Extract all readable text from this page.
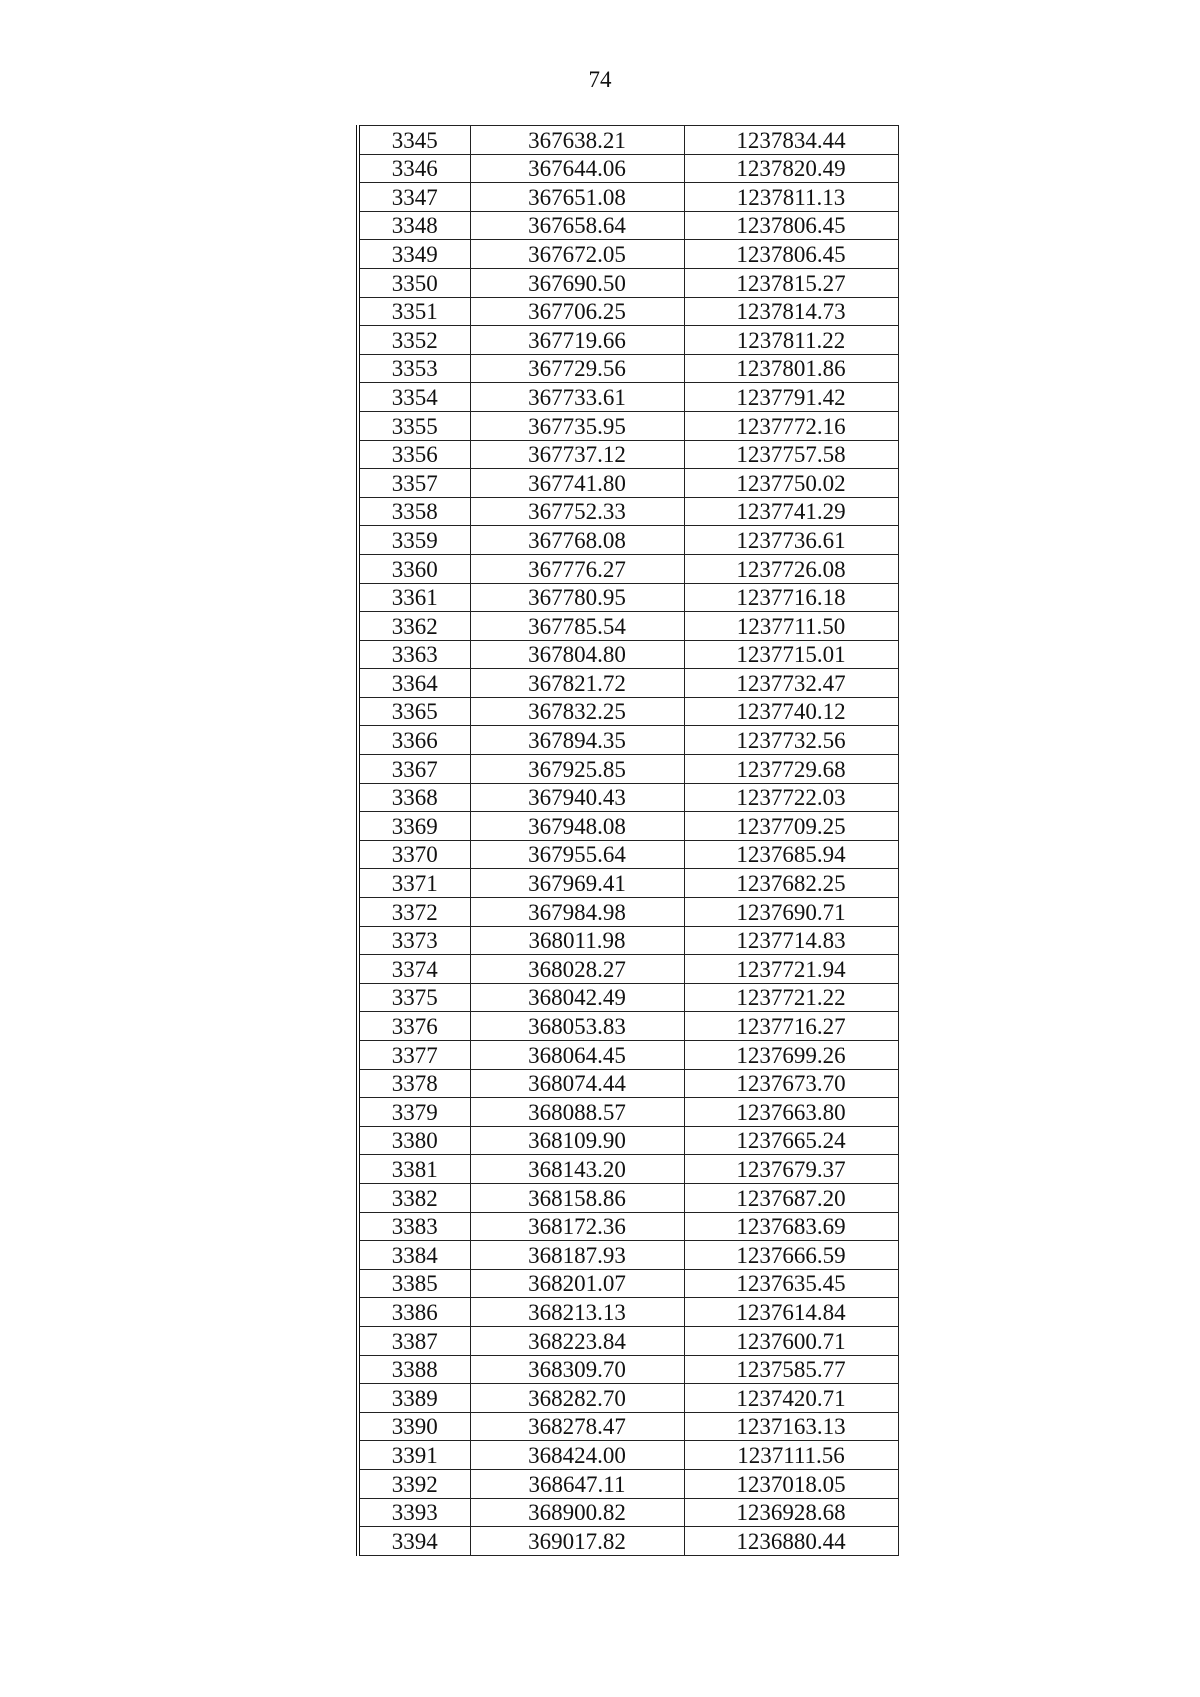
74
3345	367638.21	1237834.44
3346	367644.06	1237820.49
3347	367651.08	1237811.13
3348	367658.64	1237806.45
3349	367672.05	1237806.45
3350	367690.50	1237815.27
3351	367706.25	1237814.73
3352	367719.66	1237811.22
3353	367729.56	1237801.86
3354	367733.61	1237791.42
3355	367735.95	1237772.16
3356	367737.12	1237757.58
3357	367741.80	1237750.02
3358	367752.33	1237741.29
3359	367768.08	1237736.61
3360	367776.27	1237726.08
3361	367780.95	1237716.18
3362	367785.54	1237711.50
3363	367804.80	1237715.01
3364	367821.72	1237732.47
3365	367832.25	1237740.12
3366	367894.35	1237732.56
3367	367925.85	1237729.68
3368	367940.43	1237722.03
3369	367948.08	1237709.25
3370	367955.64	1237685.94
3371	367969.41	1237682.25
3372	367984.98	1237690.71
3373	368011.98	1237714.83
3374	368028.27	1237721.94
3375	368042.49	1237721.22
3376	368053.83	1237716.27
3377	368064.45	1237699.26
3378	368074.44	1237673.70
3379	368088.57	1237663.80
3380	368109.90	1237665.24
3381	368143.20	1237679.37
3382	368158.86	1237687.20
3383	368172.36	1237683.69
3384	368187.93	1237666.59
3385	368201.07	1237635.45
3386	368213.13	1237614.84
3387	368223.84	1237600.71
3388	368309.70	1237585.77
3389	368282.70	1237420.71
3390	368278.47	1237163.13
3391	368424.00	1237111.56
3392	368647.11	1237018.05
3393	368900.82	1236928.68
3394	369017.82	1236880.44
